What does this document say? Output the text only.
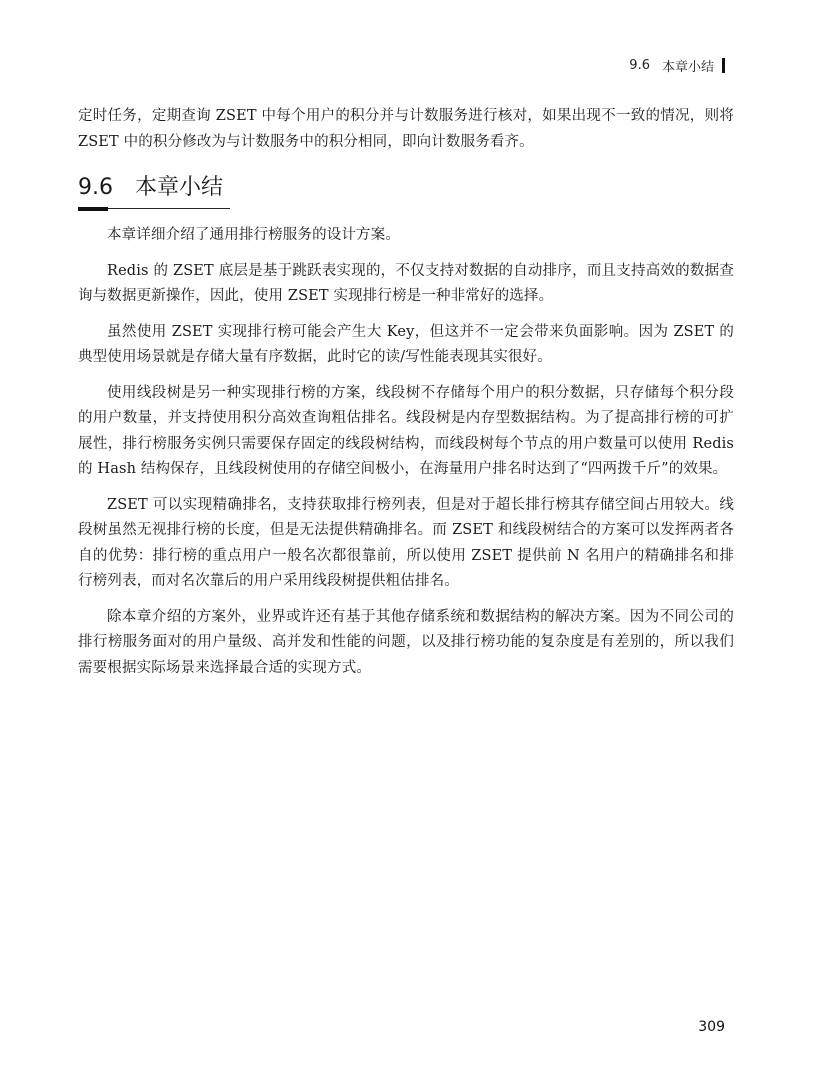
9.6 本章小结

定时任务，定期查询 ZSET 中每个用户的积分并与计数服务进行核对，如果出现不一致的情况，则将 ZSET 中的积分修改为与计数服务中的积分相同，即向计数服务看齐。

9.6 本章小结

本章详细介绍了通用排行榜服务的设计方案。

Redis 的 ZSET 底层是基于跳跃表实现的，不仅支持对数据的自动排序，而且支持高效的数据查询与数据更新操作，因此，使用 ZSET 实现排行榜是一种非常好的选择。

虽然使用 ZSET 实现排行榜可能会产生大 Key，但这并不一定会带来负面影响。因为 ZSET 的典型使用场景就是存储大量有序数据，此时它的读/写性能表现其实很好。

使用线段树是另一种实现排行榜的方案，线段树不存储每个用户的积分数据，只存储每个积分段的用户数量，并支持使用积分高效查询粗估排名。线段树是内存型数据结构。为了提高排行榜的可扩展性，排行榜服务实例只需要保存固定的线段树结构，而线段树每个节点的用户数量可以使用 Redis 的 Hash 结构保存，且线段树使用的存储空间极小，在海量用户排名时达到了“四两拨千斤”的效果。

ZSET 可以实现精确排名，支持获取排行榜列表，但是对于超长排行榜其存储空间占用较大。线段树虽然无视排行榜的长度，但是无法提供精确排名。而 ZSET 和线段树结合的方案可以发挥两者各自的优势：排行榜的重点用户一般名次都很靠前，所以使用 ZSET 提供前 N 名用户的精确排名和排行榜列表，而对名次靠后的用户采用线段树提供粗估排名。

除本章介绍的方案外，业界或许还有基于其他存储系统和数据结构的解决方案。因为不同公司的排行榜服务面对的用户量级、高并发和性能的问题，以及排行榜功能的复杂度是有差别的，所以我们需要根据实际场景来选择最合适的实现方式。

309
